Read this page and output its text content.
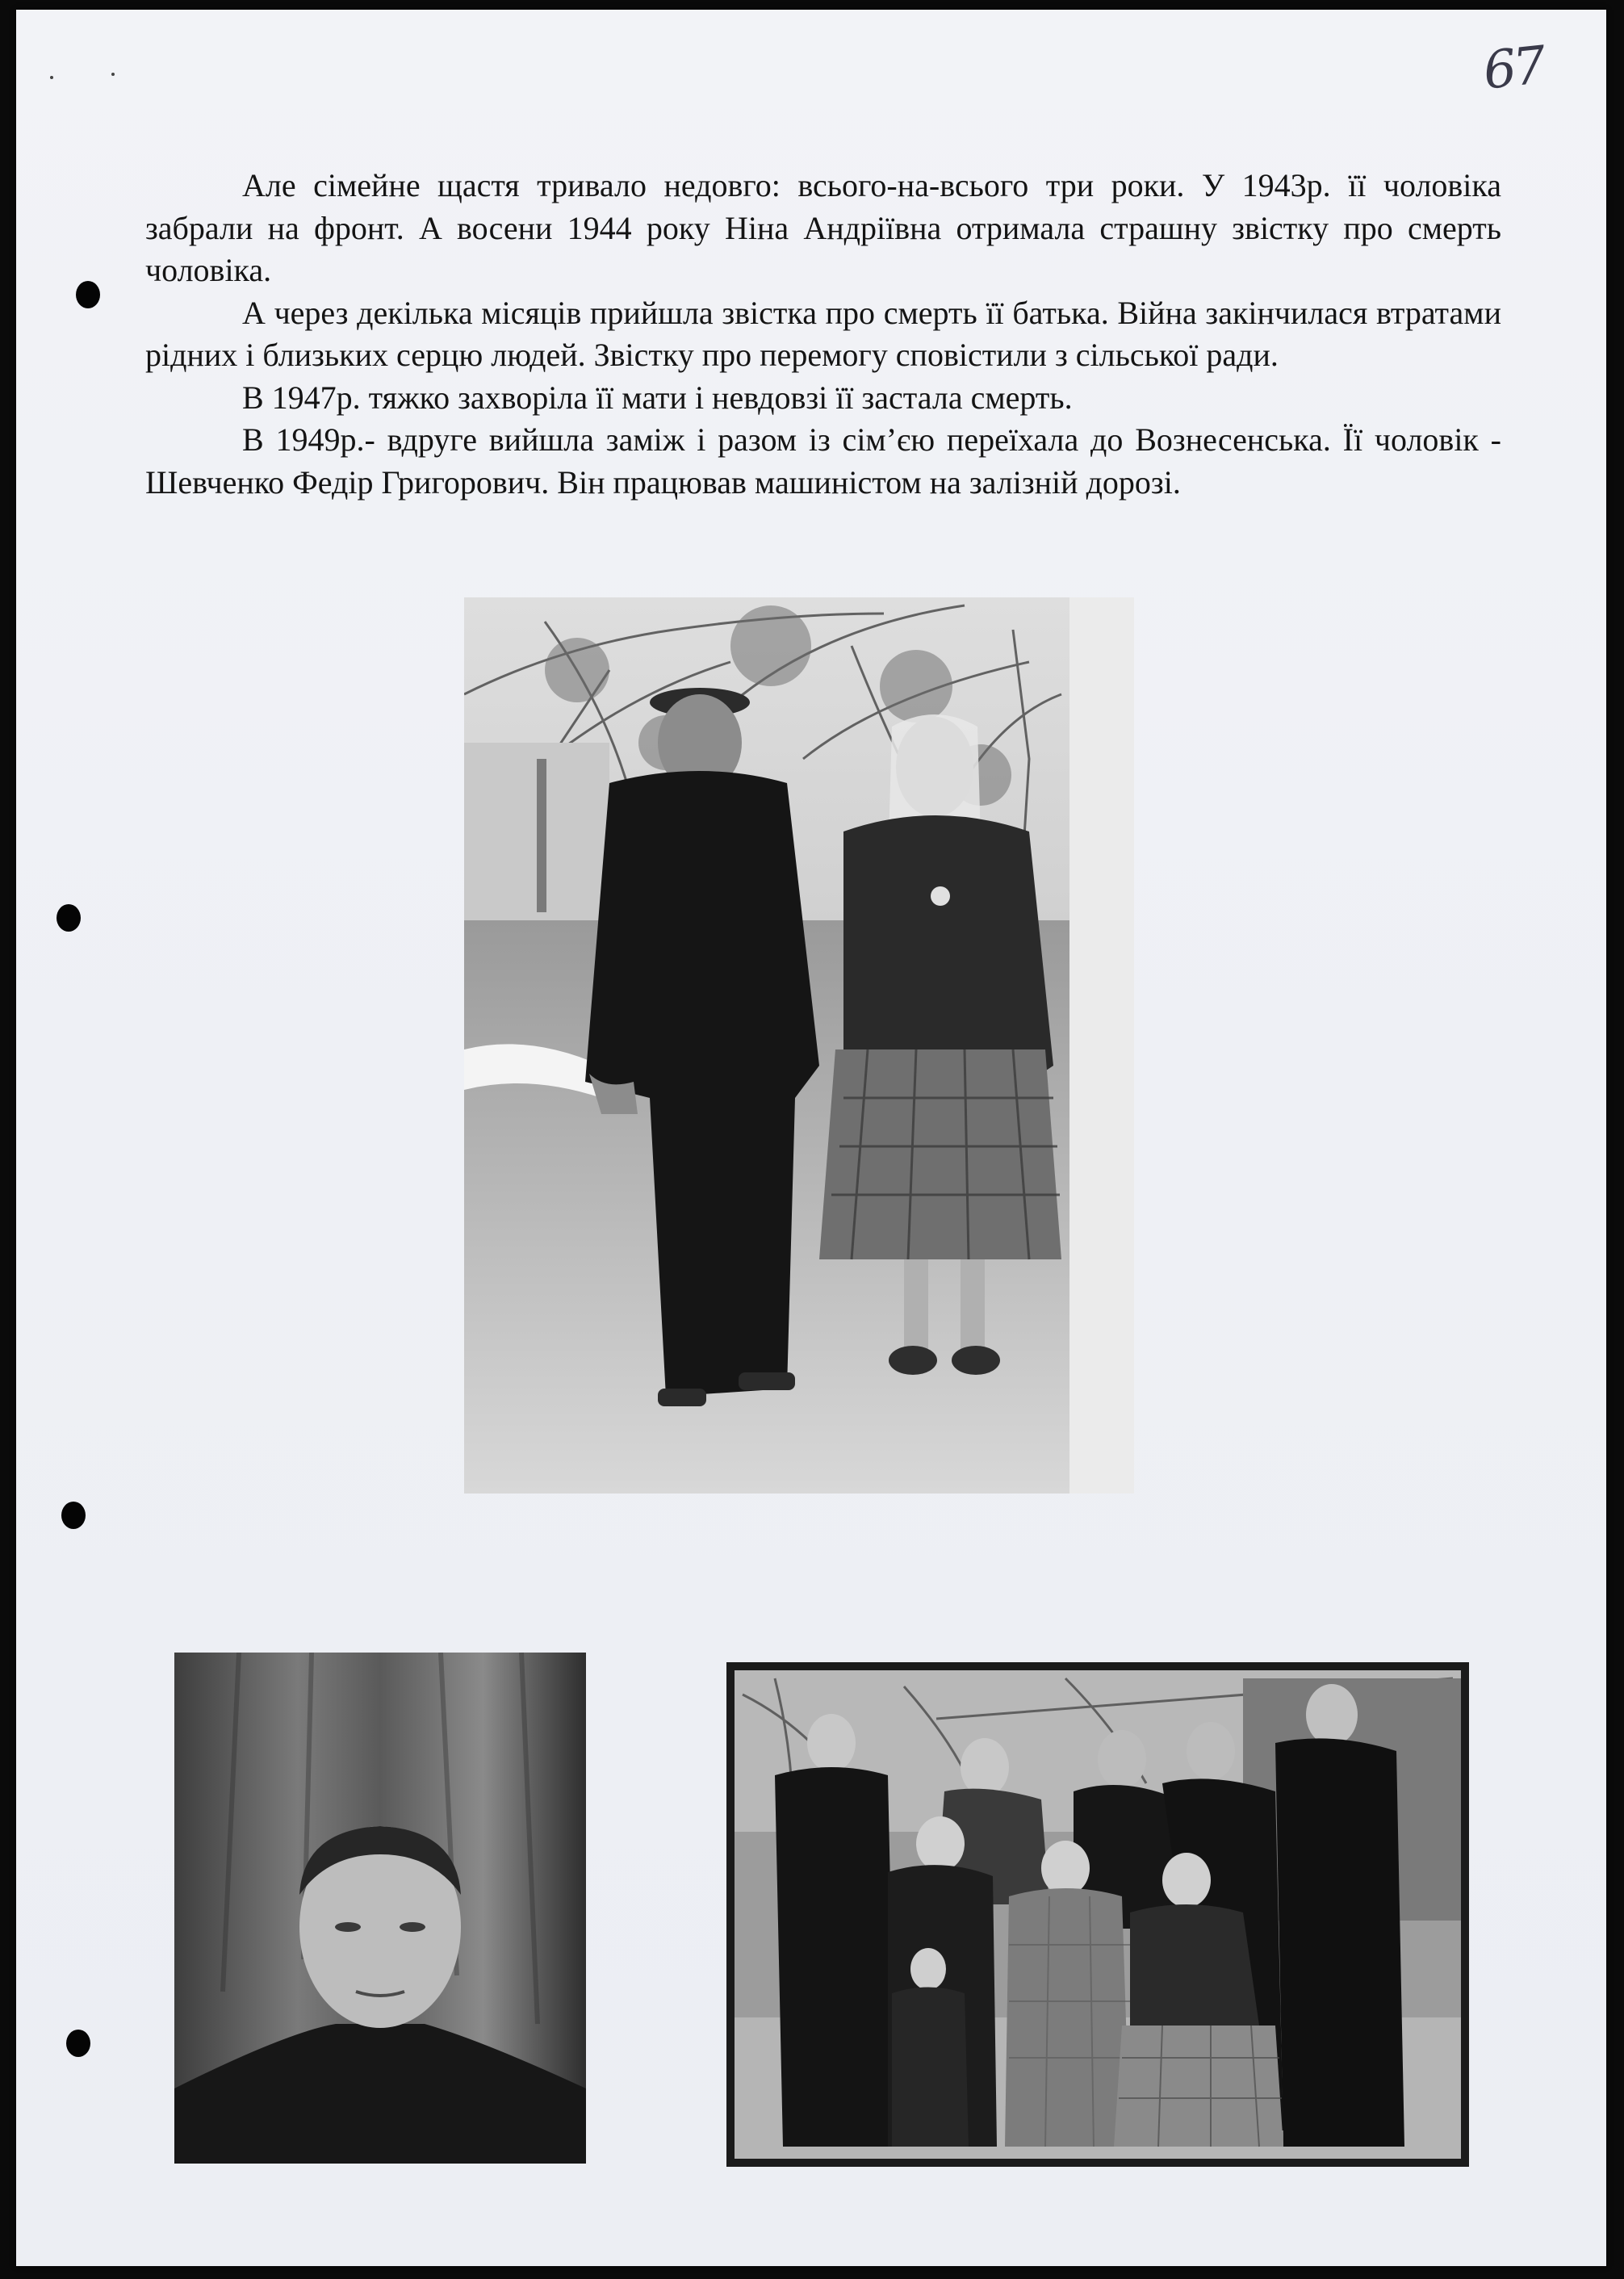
67

Але сімейне щастя тривало недовго: всього-на-всього три роки. У 1943р. її чоловіка забрали на фронт. А восени 1944 року Ніна Андріївна отримала страшну звістку про смерть чоловіка.

А через декілька місяців прийшла звістка про смерть її батька. Війна закінчилася втратами рідних і близьких серцю людей. Звістку про перемогу сповістили з сільської ради.

В 1947р. тяжко захворіла її мати і невдовзі її застала смерть.

В 1949р.- вдруге вийшла заміж і разом із сім’єю переїхала до Вознесенська. Її чоловік - Шевченко Федір Григорович. Він працював машиністом на залізній дорозі.
